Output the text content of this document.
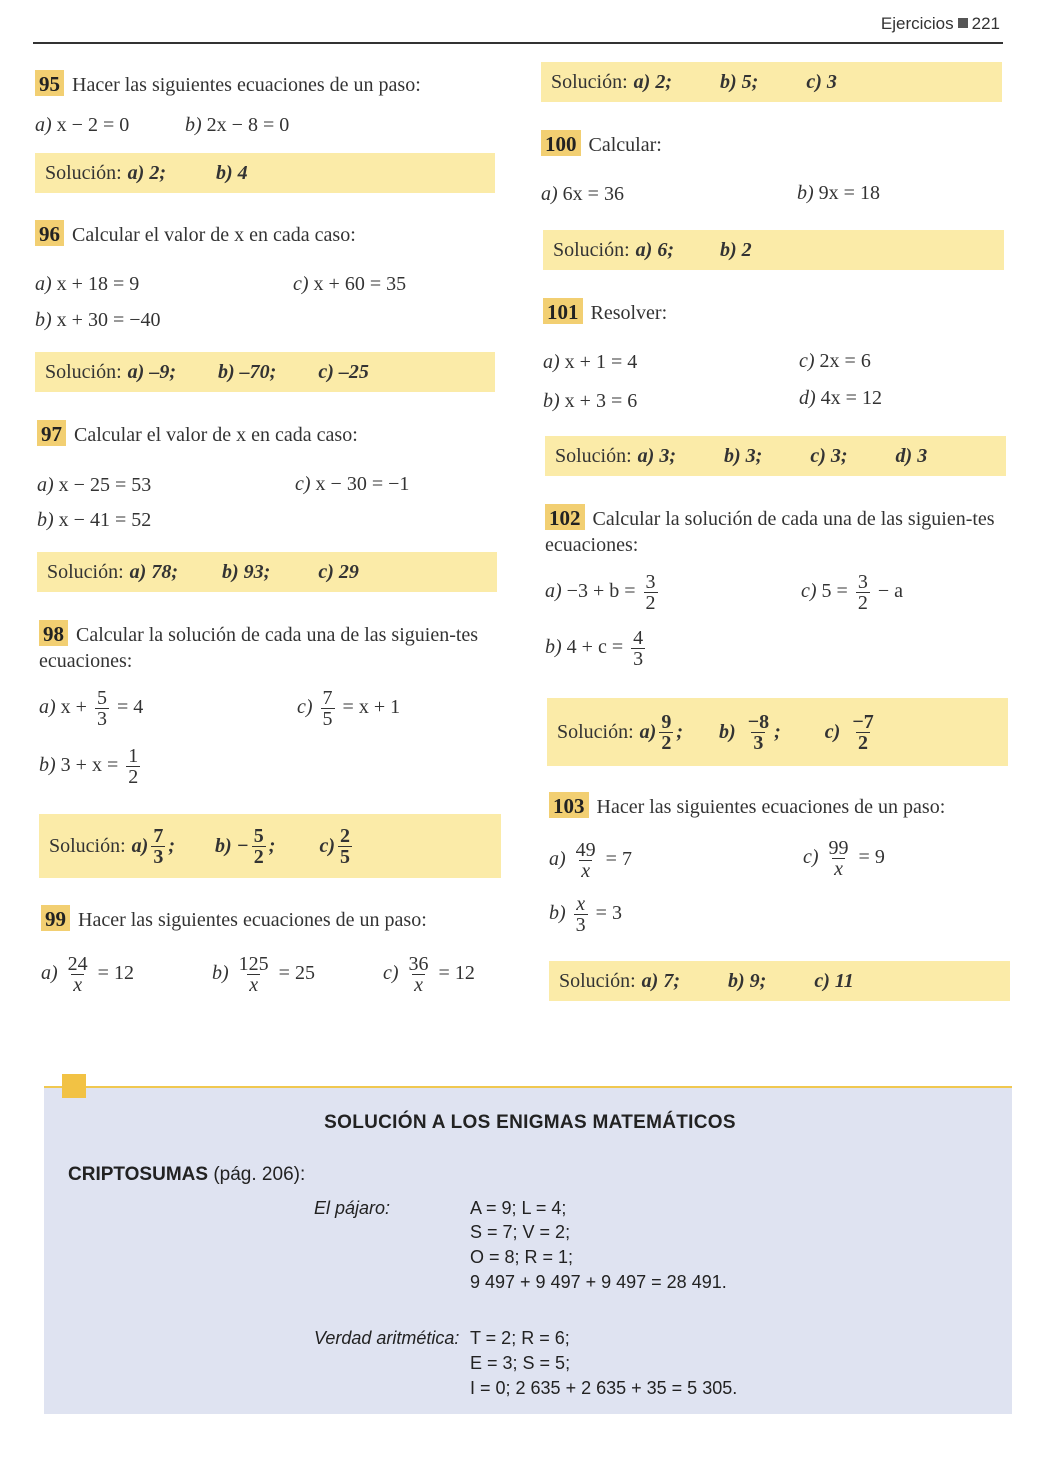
Ejercicios 221
95 Hacer las siguientes ecuaciones de un paso:
a) x − 2 = 0	b) 2x − 8 = 0
Solución: a) 2;	b) 4
96 Calcular el valor de x en cada caso:
a) x + 18 = 9
b) x + 30 = −40
c) x + 60 = 35
Solución: a) –9; b) –70; c) –25
97 Calcular el valor de x en cada caso:
a) x − 25 = 53
b) x − 41 = 52
c) x − 30 = −1
Solución: a) 78; b) 93; c) 29
98 Calcular la solución de cada una de las siguien-tes ecuaciones:
a) $x + \frac{5}{3} = 4$
b) $3 + x = \frac{1}{2}$
$c) \frac{7}{5} = x + 1$
Solución: $a) \frac{7}{3}$ ; $b) - \frac{5}{2}$ ; $c) \frac{2}{5}$
99 Hacer las siguientes ecuaciones de un paso:
$a) \frac{24}{x} = 12$	$b) \frac{125}{x} = 25$	$c) \frac{36}{x} = 12$
Solución: a) 2; b) 5; c) 3
100 Calcular:
a) 6x = 36	b) 9x = 18
Solución: a) 6; b) 2
101 Resolver:
a) x + 1 = 4
b) x + 3 = 6
c) 2x = 6
d) 4x = 12
Solución: a) 3; b) 3; c) 3; d) 3
102 Calcular la solución de cada una de las siguien-tes ecuaciones:
$a) -3 + b = \frac{3}{2}$
b) $4 + c = \frac{4}{3}$
c) $5 = \frac{3}{2} - a$
Solución: $a) \frac{9}{2}$ ; $b) \frac{-8}{3}$ ; $c) \frac{-7}{2}$
103 Hacer las siguientes ecuaciones de un paso:
$a) \frac{49}{x} = 7$
$b) \frac{x}{3} = 3$
$c) \frac{99}{x} = 9$
Solución: a) 7; b) 9; c) 11
SOLUCIÓN A LOS ENIGMAS MATEMÁTICOS
CRIPTOSUMAS (pág. 206):
El pájaro:	A = 9; L = 4;
S = 7; V = 2;
O = 8; R = 1;
9 497 + 9 497 + 9 497 = 28 491.
Verdad aritmética: T = 2; R = 6;
E = 3; S = 5;
I = 0; 2 635 + 2 635 + 35 = 5 305.
